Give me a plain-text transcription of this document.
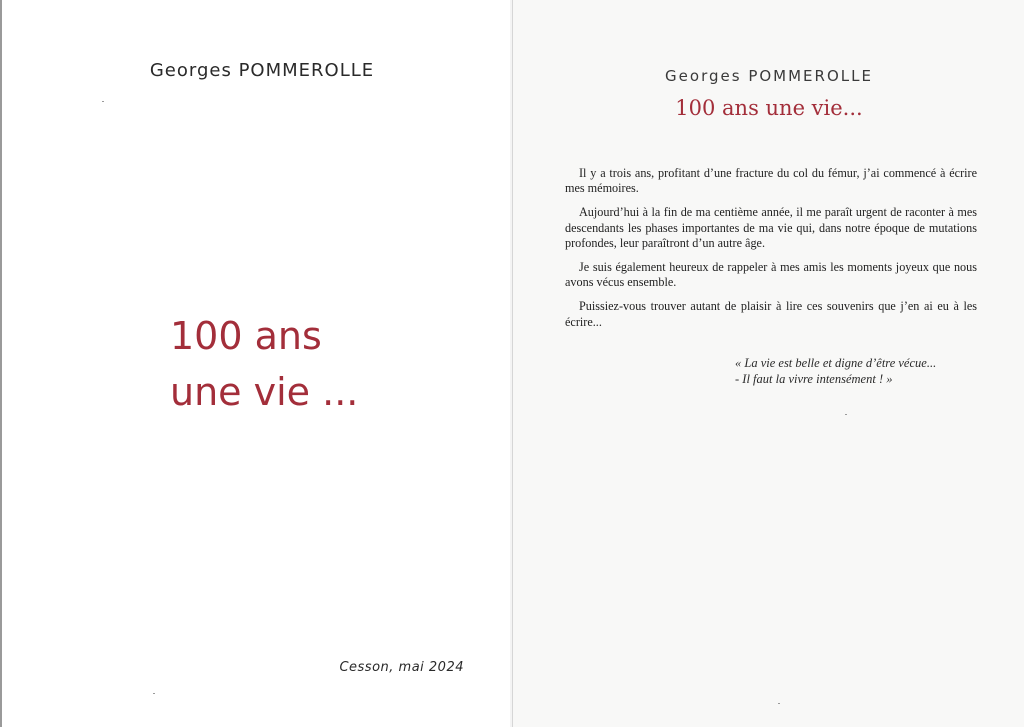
Georges POMMEROLLE
100 ans
une vie ...
Cesson, mai 2024
Georges POMMEROLLE
100 ans une vie...

Il y a trois ans, profitant d’une fracture du col du fémur, j’ai commencé à écrire mes mémoires.

Aujourd’hui à la fin de ma centième année, il me paraît urgent de raconter à mes descendants les phases importantes de ma vie qui, dans notre époque de mutations profondes, leur paraîtront d’un autre âge.

Je suis également heureux de rappeler à mes amis les moments joyeux que nous avons vécus ensemble.

Puissiez-vous trouver autant de plaisir à lire ces souvenirs que j’en ai eu à les écrire...

« La vie est belle et digne d’être vécue...
- Il faut la vivre intensément ! »
